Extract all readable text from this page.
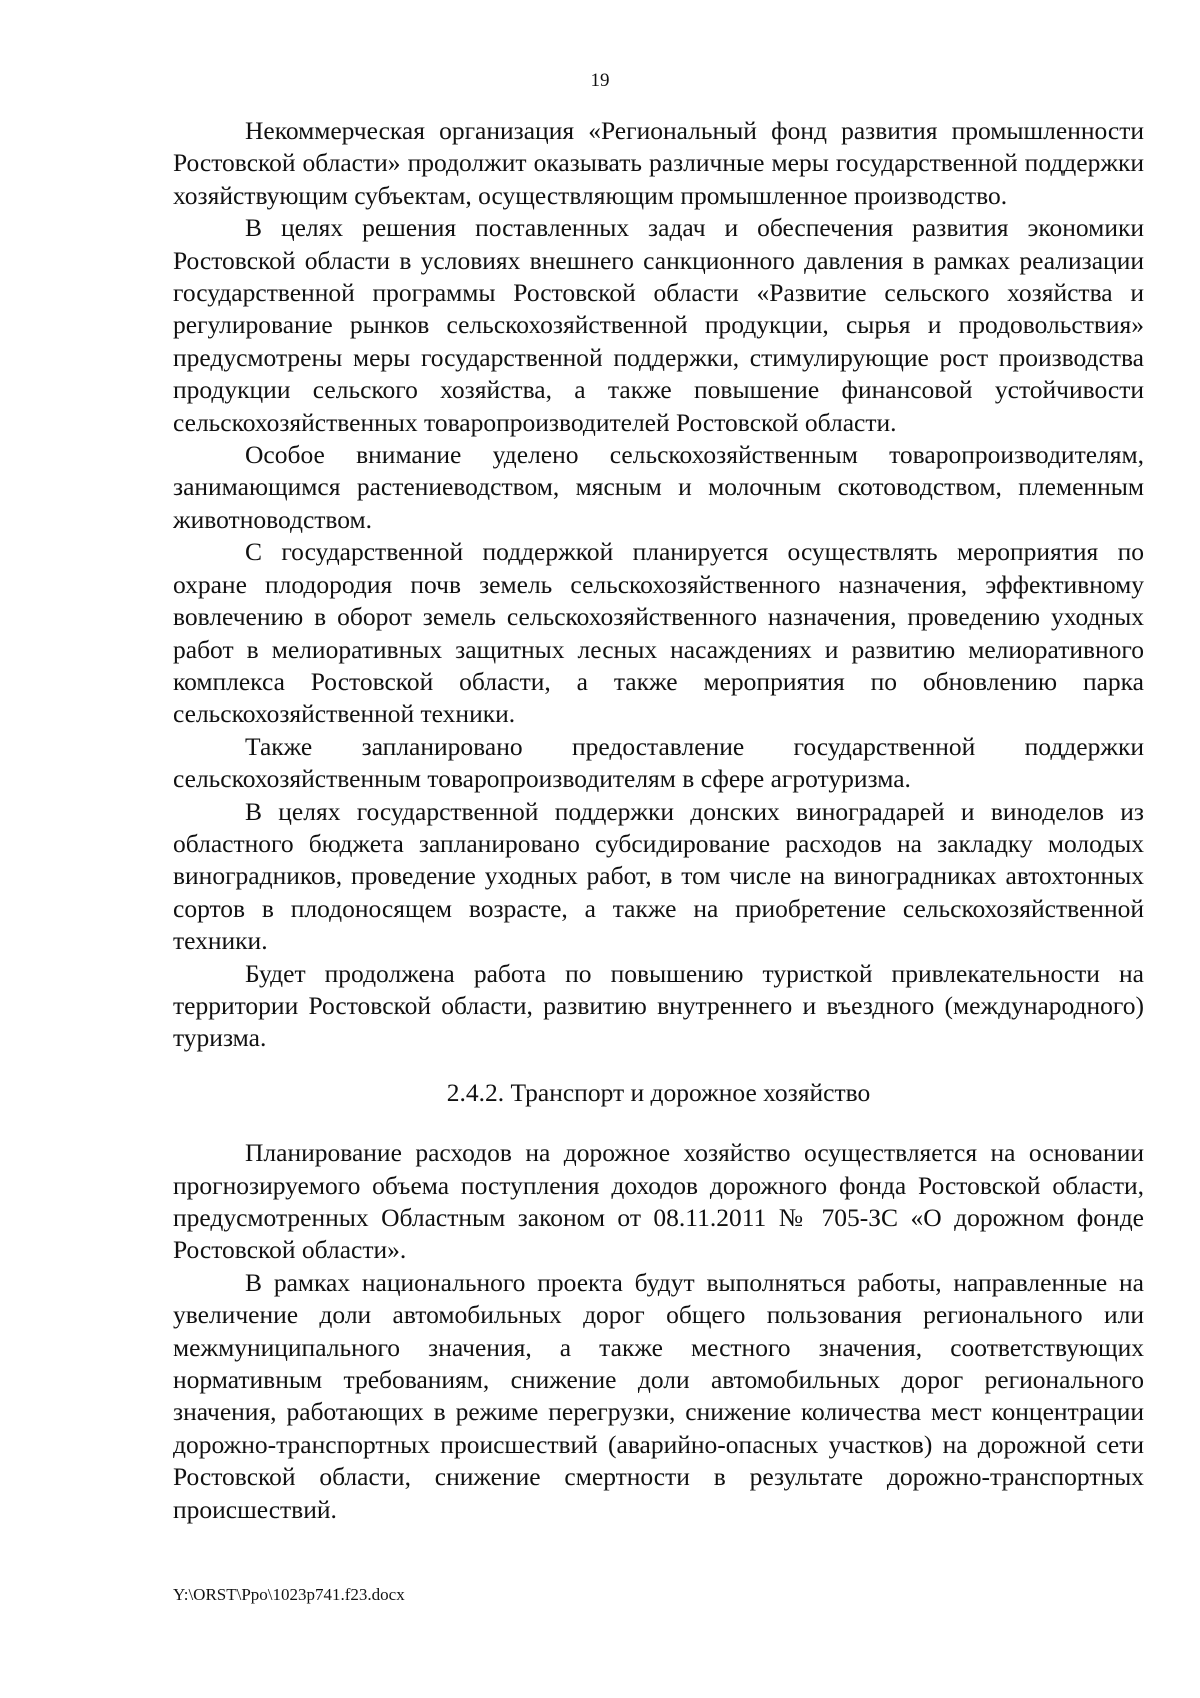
19

Некоммерческая организация «Региональный фонд развития промышленности Ростовской области» продолжит оказывать различные меры государственной поддержки хозяйствующим субъектам, осуществляющим промышленное производство.

В целях решения поставленных задач и обеспечения развития экономики Ростовской области в условиях внешнего санкционного давления в рамках реализации государственной программы Ростовской области «Развитие сельского хозяйства и регулирование рынков сельскохозяйственной продукции, сырья и продовольствия» предусмотрены меры государственной поддержки, стимулирующие рост производства продукции сельского хозяйства, а также повышение финансовой устойчивости сельскохозяйственных товаропроизводителей Ростовской области.

Особое внимание уделено сельскохозяйственным товаропроизводителям, занимающимся растениеводством, мясным и молочным скотоводством, племенным животноводством.

С государственной поддержкой планируется осуществлять мероприятия по охране плодородия почв земель сельскохозяйственного назначения, эффективному вовлечению в оборот земель сельскохозяйственного назначения, проведению уходных работ в мелиоративных защитных лесных насаждениях и развитию мелиоративного комплекса Ростовской области, а также мероприятия по обновлению парка сельскохозяйственной техники.

Также запланировано предоставление государственной поддержки сельскохозяйственным товаропроизводителям в сфере агротуризма.

В целях государственной поддержки донских виноградарей и виноделов из областного бюджета запланировано субсидирование расходов на закладку молодых виноградников, проведение уходных работ, в том числе на виноградниках автохтонных сортов в плодоносящем возрасте, а также на приобретение сельскохозяйственной техники.

Будет продолжена работа по повышению туристкой привлекательности на территории Ростовской области, развитию внутреннего и въездного (международного) туризма.

2.4.2. Транспорт и дорожное хозяйство

Планирование расходов на дорожное хозяйство осуществляется на основании прогнозируемого объема поступления доходов дорожного фонда Ростовской области, предусмотренных Областным законом от 08.11.2011 № 705-ЗС «О дорожном фонде Ростовской области».

В рамках национального проекта будут выполняться работы, направленные на увеличение доли автомобильных дорог общего пользования регионального или межмуниципального значения, а также местного значения, соответствующих нормативным требованиям, снижение доли автомобильных дорог регионального значения, работающих в режиме перегрузки, снижение количества мест концентрации дорожно-транспортных происшествий (аварийно-опасных участков) на дорожной сети Ростовской области, снижение смертности в результате дорожно-транспортных происшествий.

Y:\ORST\Ppo\1023p741.f23.docx
